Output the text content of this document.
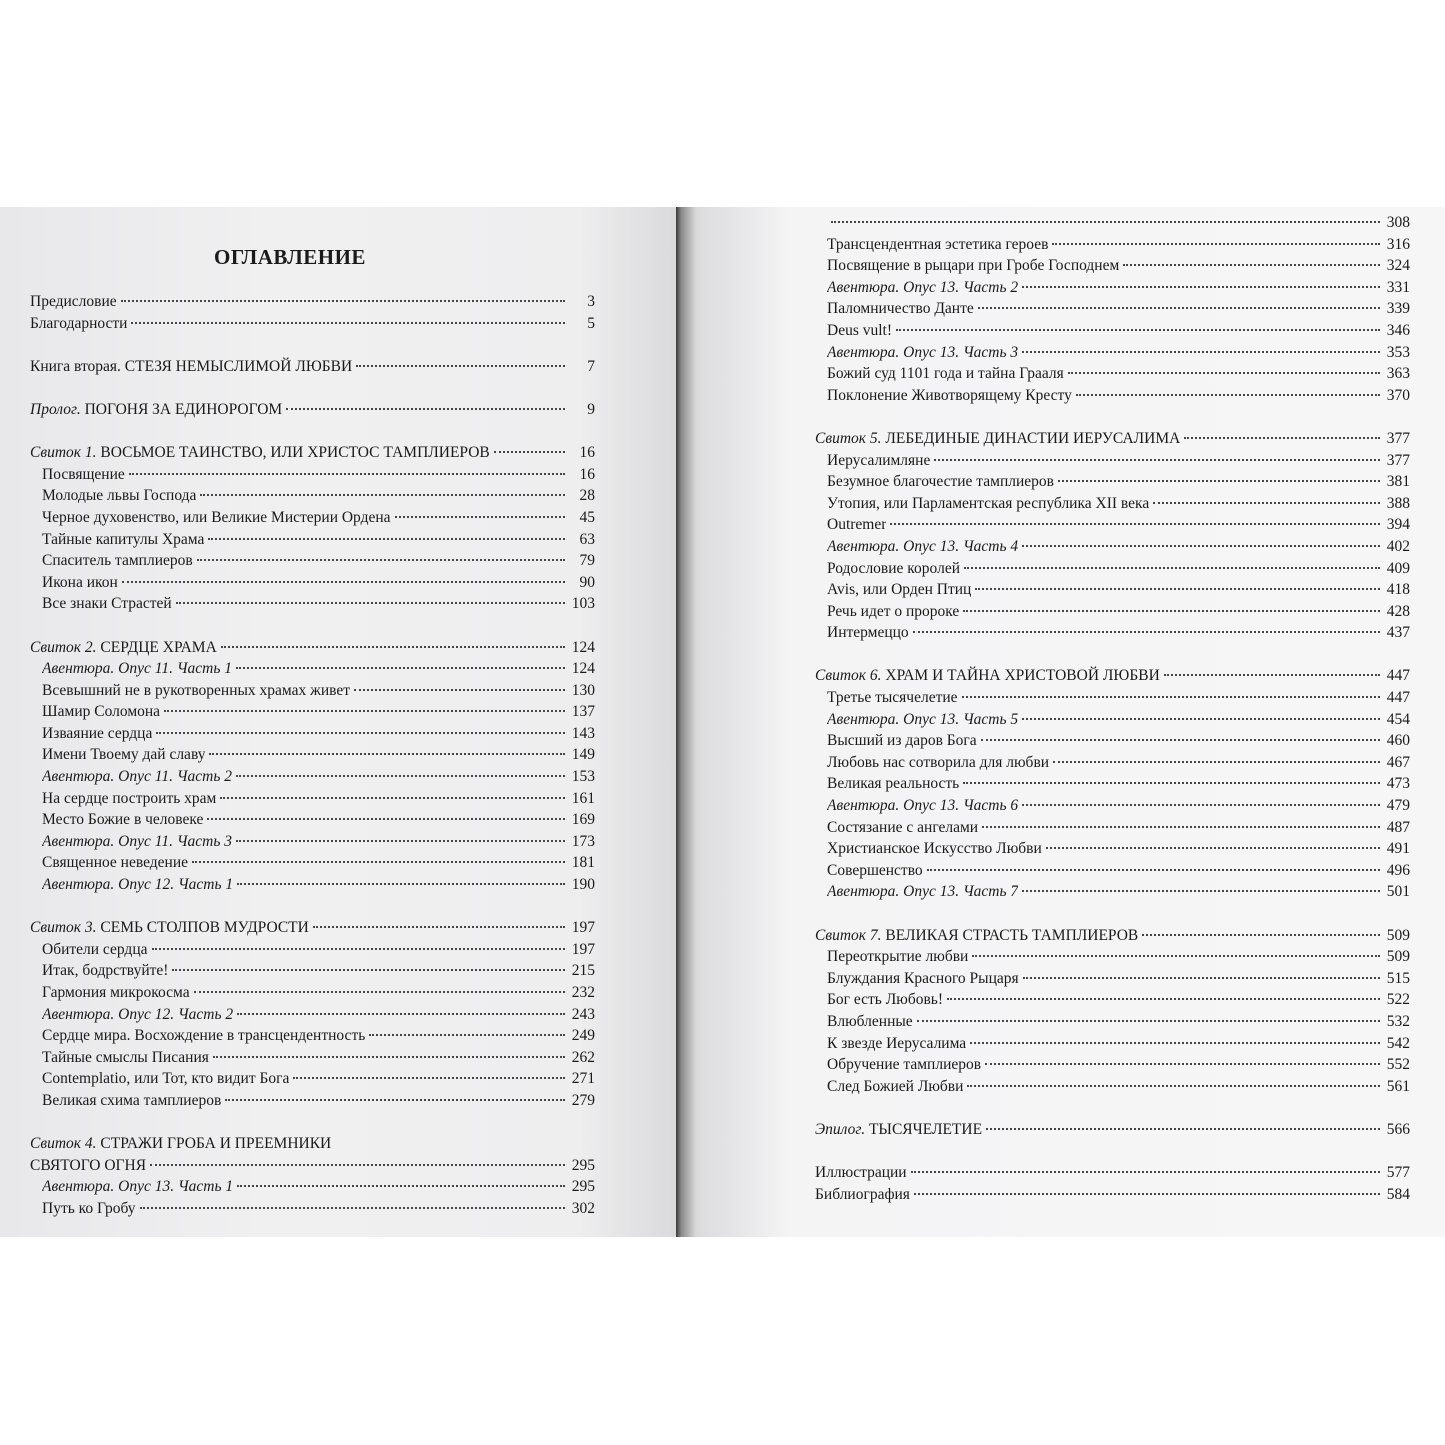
ОГЛАВЛЕНИЕ
Предисловие	3
Благодарности	5
Книга вторая. СТЕЗЯ НЕМЫСЛИМОЙ ЛЮБВИ	7
Пролог. ПОГОНЯ ЗА ЕДИНОРОГОМ	9
Свиток 1. ВОСЬМОЕ ТАИНСТВО, ИЛИ ХРИСТОС ТАМПЛИЕРОВ	16
Посвящение	16
Молодые львы Господа	28
Черное духовенство, или Великие Мистерии Ордена	45
Тайные капитулы Храма	63
Спаситель тамплиеров	79
Икона икон	90
Все знаки Страстей	103
Свиток 2. СЕРДЦЕ ХРАМА	124
Авентюра. Опус 11. Часть 1	124
Всевышний не в рукотворенных храмах живет	130
Шамир Соломона	137
Изваяние сердца	143
Имени Твоему дай славу	149
Авентюра. Опус 11. Часть 2	153
На сердце построить храм	161
Место Божие в человеке	169
Авентюра. Опус 11. Часть 3	173
Священное неведение	181
Авентюра. Опус 12. Часть 1	190
Свиток 3. СЕМЬ СТОЛПОВ МУДРОСТИ	197
Обители сердца	197
Итак, бодрствуйте!	215
Гармония микрокосма	232
Авентюра. Опус 12. Часть 2	243
Сердце мира. Восхождение в трансцендентность	249
Тайные смыслы Писания	262
Contemplatio, или Тот, кто видит Бога	271
Великая схима тамплиеров	279
Свиток 4. СТРАЖИ ГРОБА И ПРЕЕМНИКИ
СВЯТОГО ОГНЯ	295
Авентюра. Опус 13. Часть 1	295
Путь ко Гробу	302
308
Трансцендентная эстетика героев	316
Посвящение в рыцари при Гробе Господнем	324
Авентюра. Опус 13. Часть 2	331
Паломничество Данте	339
Deus vult!	346
Авентюра. Опус 13. Часть 3	353
Божий суд 1101 года и тайна Грааля	363
Поклонение Животворящему Кресту	370
Свиток 5. ЛЕБЕДИНЫЕ ДИНАСТИИ ИЕРУСАЛИМА	377
Иерусалимляне	377
Безумное благочестие тамплиеров	381
Утопия, или Парламентская республика XII века	388
Outremer	394
Авентюра. Опус 13. Часть 4	402
Родословие королей	409
Avis, или Орден Птиц	418
Речь идет о пророке	428
Интермеццо	437
Свиток 6. ХРАМ И ТАЙНА ХРИСТОВОЙ ЛЮБВИ	447
Третье тысячелетие	447
Авентюра. Опус 13. Часть 5	454
Высший из даров Бога	460
Любовь нас сотворила для любви	467
Великая реальность	473
Авентюра. Опус 13. Часть 6	479
Состязание с ангелами	487
Христианское Искусство Любви	491
Совершенство	496
Авентюра. Опус 13. Часть 7	501
Свиток 7. ВЕЛИКАЯ СТРАСТЬ ТАМПЛИЕРОВ	509
Переоткрытие любви	509
Блуждания Красного Рыцаря	515
Бог есть Любовь!	522
Влюбленные	532
К звезде Иерусалима	542
Обручение тамплиеров	552
След Божией Любви	561
Эпилог. ТЫСЯЧЕЛЕТИЕ	566
Иллюстрации	577
Библиография	584
